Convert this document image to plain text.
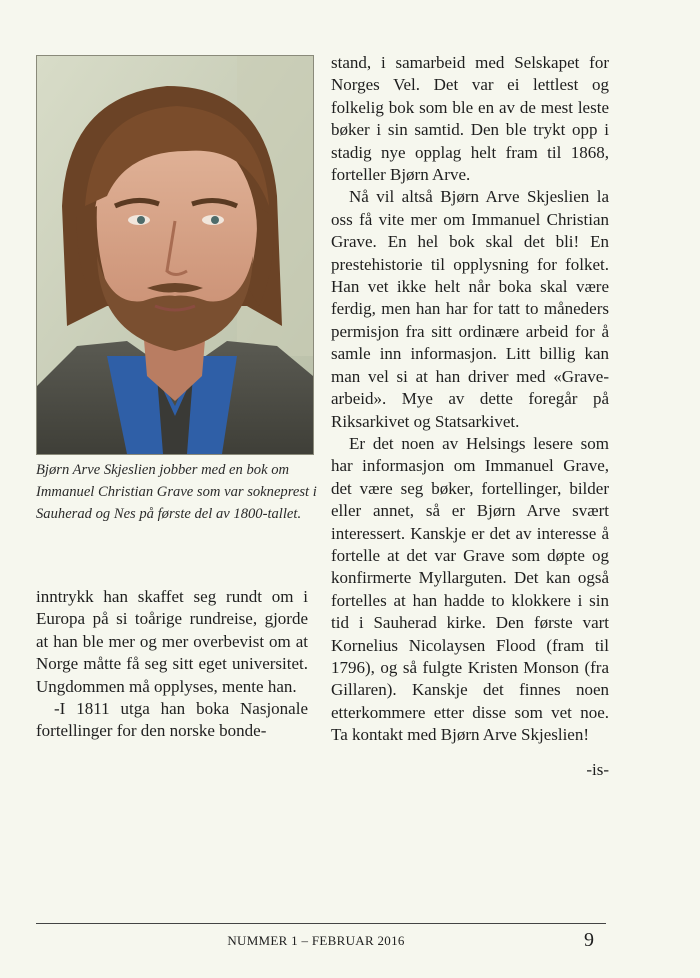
Bjørn Arve Skjeslien jobber med en bok om Immanuel Christian Grave som var sokneprest i Sauherad og Nes på første del av 1800-tallet.

inntrykk han skaffet seg rundt om i Europa på si toårige rundreise, gjorde at han ble mer og mer overbevist om at Norge måtte få seg sitt eget universitet. Ungdommen må opplyses, mente han.

-I 1811 utga han boka Nasjonale fortellinger for den norske bonde-

stand, i samarbeid med Selskapet for Norges Vel. Det var ei lettlest og folkelig bok som ble en av de mest leste bøker i sin samtid. Den ble trykt opp i stadig nye opplag helt fram til 1868, forteller Bjørn Arve.

Nå vil altså Bjørn Arve Skjeslien la oss få vite mer om Immanuel Christian Grave. En hel bok skal det bli! En prestehistorie til opplysning for folket. Han vet ikke helt når boka skal være ferdig, men han har for tatt to måneders permisjon fra sitt ordinære arbeid for å samle inn informasjon. Litt billig kan man vel si at han driver med «Grave-arbeid». Mye av dette foregår på Riksarkivet og Statsarkivet.

Er det noen av Helsings lesere som har informasjon om Immanuel Grave, det være seg bøker, fortellinger, bilder eller annet, så er Bjørn Arve svært interessert. Kanskje er det av interesse å fortelle at det var Grave som døpte og konfirmerte Myllarguten. Det kan også fortelles at han hadde to klokkere i sin tid i Sauherad kirke. Den første vart Kornelius Nicolaysen Flood (fram til 1796), og så fulgte Kristen Monson (fra Gillaren). Kanskje det finnes noen etterkommere etter disse som vet noe. Ta kontakt med Bjørn Arve Skjeslien!

-is-

NUMMER 1 – FEBRUAR 2016	9
